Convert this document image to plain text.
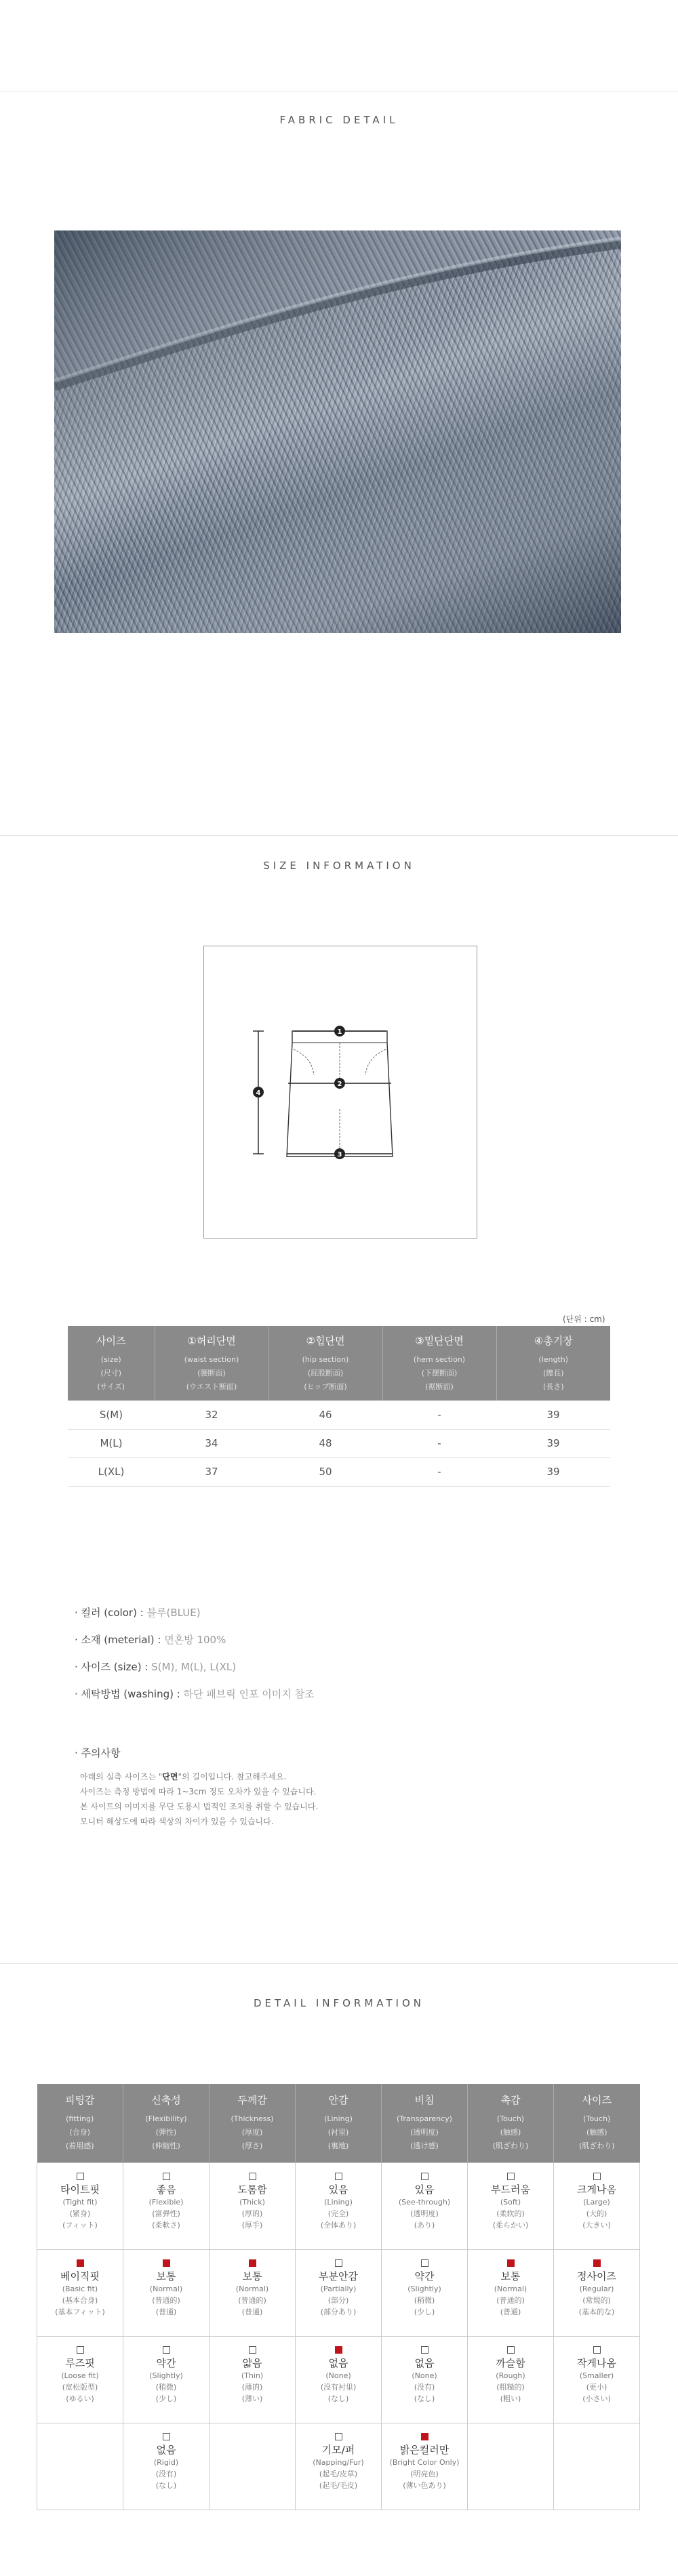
FABRIC DETAIL
SIZE INFORMATION
1
2
3
4
(단위 : cm)
사이즈
(size)
(尺寸)
(サイズ)	①허리단면
(waist section)
(腰断面)
(ウエスト断面)	②힙단면
(hip section)
(屁股断面)
(ヒップ断面)	③밑단단면
(hem section)
(下摆断面)
(裾断面)	④총기장
(length)
(總長)
(長さ)

S(M)	32	46	-	39
M(L)	34	48	-	39
L(XL)	37	50	-	39
· 컬러 (color) : 블루(BLUE)
· 소재 (meterial) : 면혼방 100%
· 사이즈 (size) : S(M), M(L), L(XL)
· 세탁방법 (washing) : 하단 패브릭 인포 이미지 참조
· 주의사항
아래의 실측 사이즈는 "단면"의 길이입니다. 참고해주세요.
사이즈는 측정 방법에 따라 1~3cm 정도 오차가 있을 수 있습니다.
본 사이트의 이미지를 무단 도용시 법적인 조치를 취할 수 있습니다.
모니터 해상도에 따라 색상의 차이가 있을 수 있습니다.
DETAIL INFORMATION
피팅감
(fitting)
(合身)
(着用感)	신축성
(Flexibility)
(彈性)
(伸縮性)	두께감
(Thickness)
(厚度)
(厚さ)	안감
(Lining)
(衬里)
(裏地)	비침
(Transparency)
(透明度)
(透け感)	촉감
(Touch)
(触感)
(肌ざわり)	사이즈
(Touch)
(触感)
(肌ざわり)

타이트핏
(Tight fit)
(紧身)
(フィット)	좋음
(Flexible)
(富弹性)
(柔軟さ)	도톰함
(Thick)
(厚的)
(厚手)	있음
(Lining)
(完全)
(全体あり)	있음
(See-through)
(透明度)
(あり)	부드러움
(Soft)
(柔软的)
(柔らかい)	크게나옴
(Large)
(大的)
(大きい)

베이직핏
(Basic fit)
(基本合身)
(基本フィット)	보통
(Normal)
(普通的)
(普通)	보통
(Normal)
(普通的)
(普通)	부분안감
(Partially)
(部分)
(部分あり)	약간
(Slightly)
(稍微)
(少し)	보통
(Normal)
(普通的)
(普通)	정사이즈
(Regular)
(常規的)
(基本的な)

루즈핏
(Loose fit)
(宽松版型)
(ゆるい)	약간
(Slightly)
(稍微)
(少し)	얇음
(Thin)
(薄的)
(薄い)	없음
(None)
(没有衬里)
(なし)	없음
(None)
(没有)
(なし)	까슬함
(Rough)
(粗糙的)
(粗い)	작게나옴
(Smaller)
(更小)
(小さい)

	없음
(Rigid)
(没有)
(なし)		기모/퍼
(Napping/Fur)
(起毛/皮草)
(起毛/毛皮)	밝은컬러만
(Bright Color Only)
(明亮色)
(薄い色あり)		
